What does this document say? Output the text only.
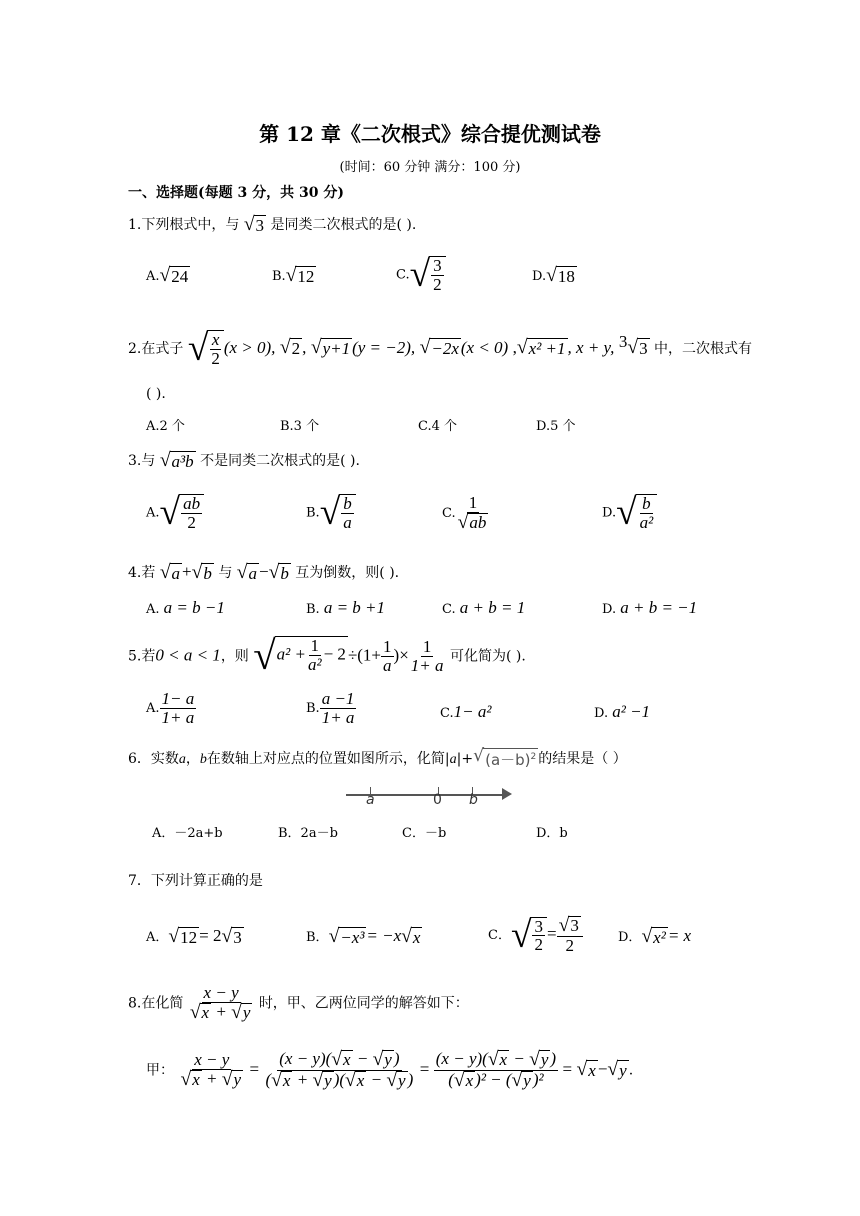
第 12 章《二次根式》综合提优测试卷
(时间：60 分钟 满分：100 分)
一、选择题(每题 3 分，共 30 分)
1.下列根式中，与 √ 3 是同类二次根式的是( ).
A. √ 24	B. √ 12	C. √ $\frac{3}{2}$	D. √ 18
2.在式子 √ $\frac{x}{2} (x > 0)$, √ 2 , √ y+1 (y = −2), √ −2x (x < 0) , √ x² +1 , x + y, $^3$ √ 3 中，二次根式有
( ).
A.2 个	B.3 个	C.4 个	D.5 个
3.与 √ a³b 不是同类二次根式的是( ).
A. √ $\frac{ab}{2}$	B. √ $\frac{b}{a}$	C. $\frac{1}{√ ab}$	D. √ $\frac{b}{\text{a²}}$
4.若 √ a + √ b 与 √ a − √ b 互为倒数，则( ).
A. a = b −1	B. a = b +1	C. a + b = 1	D. a + b = −1
5.若0 < a < 1，则 √ $a^2 + \frac{1}{\text{a²}} - 2 \div(1+ \frac{1}{a}$ )× $\frac{1}{1+ a}$ 可化简为( ).
A. $\frac{1- a}{1+ a}$	B. $\frac{a -1}{1+ a}$	C.1− a²	D. a² −1
6．实数a，b在数轴上对应点的位置如图所示，化简|a|+ √ $(a-b)^2$ 的结果是（ ）
a	0 b
A．－2a+b	B．2a－b	C．－b	D．b
7．下列计算正确的是
A． √ 12 = 2 √ 3	B． √ −x³ = −x √ x	C． √ $\frac{3}{2} = \frac{√ 3}{2}$	D． √ x² = x
8.在化简 $\frac{x - y}{√ x + √ y}$ 时，甲、乙两位同学的解答如下：
甲： $\frac{x - y}{√ x + √ y} = \frac{(x - y)( √ x - √ y )}{( √ x + √ y )( √ x - √ y )} = \frac{(x - y)( √ x - √ y )}{\text{( √ x )² − ( √ y )²}}$ = √ x − √ y .
